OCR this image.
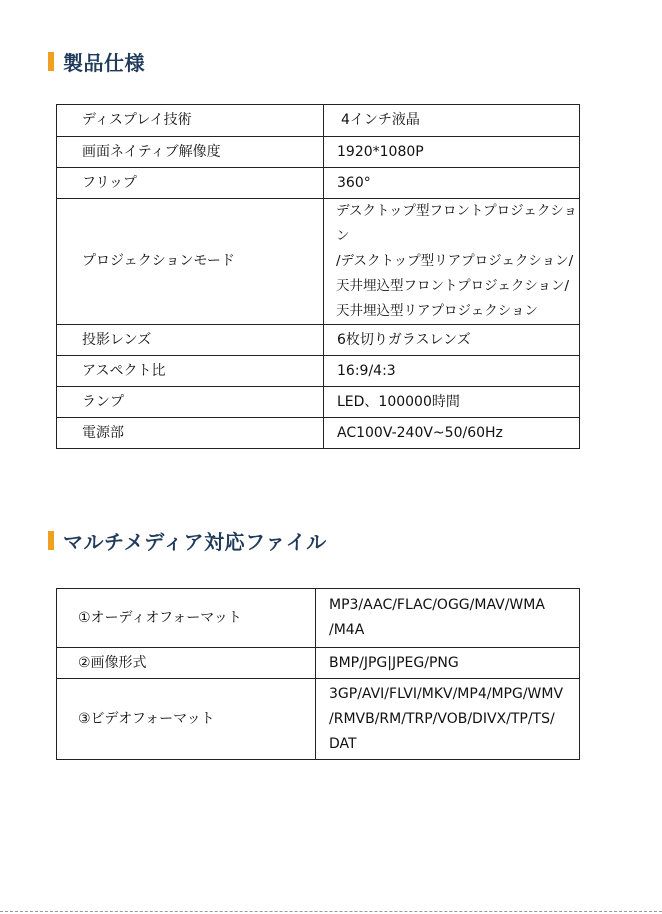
製品仕様
ディスプレイ技術	4インチ液晶

画面ネイティブ解像度	1920*1080P

フリップ	360°

プロジェクションモード	デスクトップ型フロントプロジェクション
/デスクトップ型リアプロジェクション/
天井埋込型フロントプロジェクション/
天井埋込型リアプロジェクション

投影レンズ	6枚切りガラスレンズ

アスペクト比	16:9/4:3

ランプ	LED、100000時間

電源部	AC100V-240V~50/60Hz
マルチメディア対応ファイル
①オーディオフォーマット	MP3/AAC/FLAC/OGG/MAV/WMA
/M4A

②画像形式	BMP/JPG|JPEG/PNG

③ビデオフォーマット	3GP/AVI/FLVI/MKV/MP4/MPG/WMV
/RMVB/RM/TRP/VOB/DIVX/TP/TS/
DAT
